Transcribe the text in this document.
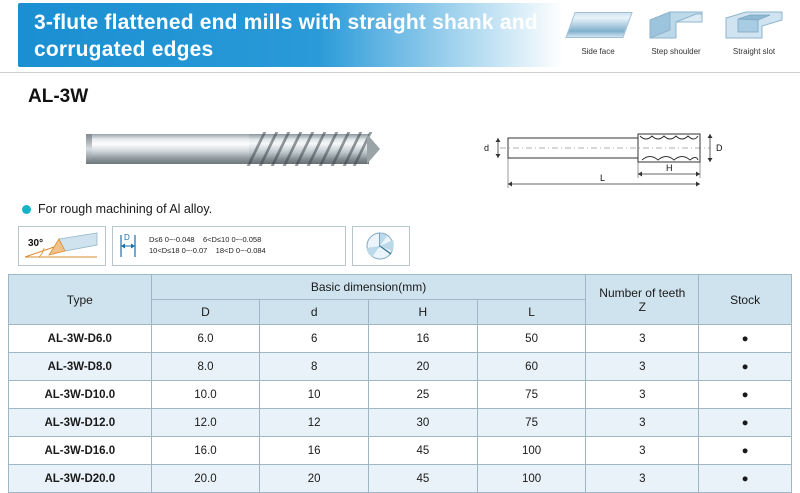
3-flute flattened end mills with straight shank and corrugated edges	Side face	Step shoulder	Straight slot
AL-3W
d	D
H
L
For rough machining of Al alloy.
30°
D	D≤6 0~-0.048 6<D≤10 0~-0.058
10<D≤18 0~-0.07 18<D 0~-0.084
Type	Basic dimension(mm)				Number of teeth
Z	Stock
	D	d	H	L		
AL-3W-D6.0	6.0	6	16	50	3	●
AL-3W-D8.0	8.0	8	20	60	3	●
AL-3W-D10.0	10.0	10	25	75	3	●
AL-3W-D12.0	12.0	12	30	75	3	●
AL-3W-D16.0	16.0	16	45	100	3	●
AL-3W-D20.0	20.0	20	45	100	3	●
